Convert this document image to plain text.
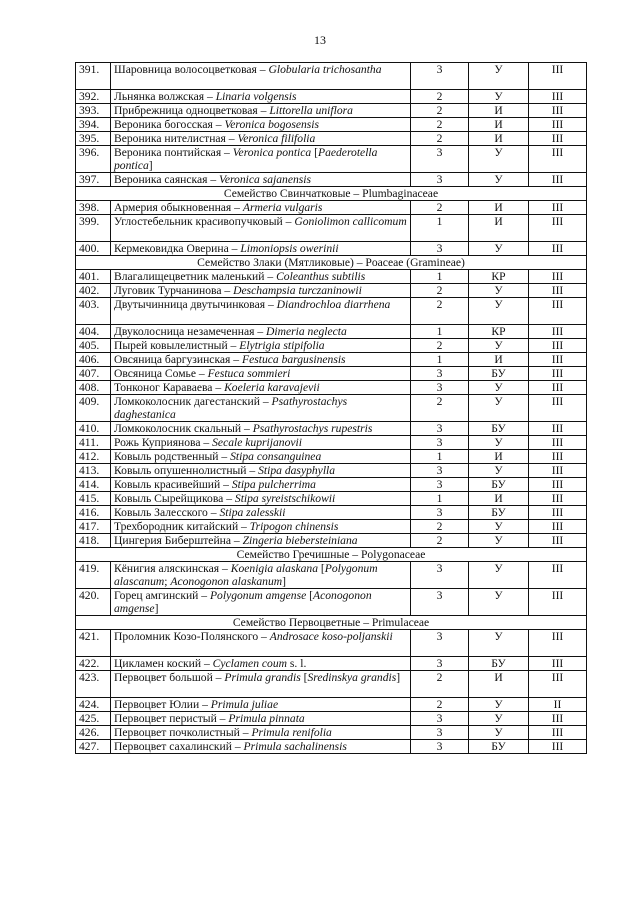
13
391.	Шаровница волосоцветковая – Globularia trichosantha	3	У	III
392.	Льнянка волжская – Linaria volgensis	2	У	III
393.	Прибрежница одноцветковая – Littorella uniflora	2	И	III
394.	Вероника богосская – Veronica bogosensis	2	И	III
395.	Вероника нителистная – Veronica filifolia	2	И	III
396.	Вероника понтийская – Veronica pontica [Paederotella pontica]	3	У	III
397.	Вероника саянская – Veronica sajanensis	3	У	III
Семейство Свинчатковые – Plumbaginaceae				
398.	Армерия обыкновенная – Armeria vulgaris	2	И	III
399.	Углостебельник красивопучковый – Goniolimon callicomum	1	И	III
400.	Кермековидка Оверина – Limoniopsis owerinii	3	У	III
Семейство Злаки (Мятликовые) – Poaceae (Gramineae)				
401.	Влагалищецветник маленький – Coleanthus subtilis	1	КР	III
402.	Луговик Турчанинова – Deschampsia turczaninowii	2	У	III
403.	Двутычинница двутычинковая – Diandrochloa diarrhena	2	У	III
404.	Двуколосница незамеченная – Dimeria neglecta	1	КР	III
405.	Пырей ковылелистный – Elytrigia stipifolia	2	У	III
406.	Овсяница баргузинская – Festuca bargusinensis	1	И	III
407.	Овсяница Сомье – Festuca sommieri	3	БУ	III
408.	Тонконог Караваева – Koeleria karavajevii	3	У	III
409.	Ломкоколосник дагестанский – Psathyrostachys daghestanica	2	У	III
410.	Ломкоколосник скальный – Psathyrostachys rupestris	3	БУ	III
411.	Рожь Куприянова – Secale kuprijanovii	3	У	III
412.	Ковыль родственный – Stipa consanguinea	1	И	III
413.	Ковыль опушеннолистный – Stipa dasyphylla	3	У	III
414.	Ковыль красивейший – Stipa pulcherrima	3	БУ	III
415.	Ковыль Сырейщикова – Stipa syreistschikowii	1	И	III
416.	Ковыль Залесского – Stipa zalesskii	3	БУ	III
417.	Трехбородник китайский – Tripogon chinensis	2	У	III
418.	Цингерия Биберштейна – Zingeria biebersteiniana	2	У	III
Семейство Гречишные – Polygonaceae				
419.	Кёнигия аляскинская – Koenigia alaskana [Polygonum alascanum; Aconogonon alaskanum]	3	У	III
420.	Горец амгинский – Polygonum amgense [Aconogonon amgense]	3	У	III
Семейство Первоцветные – Primulaceae				
421.	Проломник Козо-Полянского – Androsace koso-poljanskii	3	У	III
422.	Цикламен коский – Cyclamen coum s. l.	3	БУ	III
423.	Первоцвет большой – Primula grandis [Sredinskya grandis]	2	И	III
424.	Первоцвет Юлии – Primula juliae	2	У	II
425.	Первоцвет перистый – Primula pinnata	3	У	III
426.	Первоцвет почколистный – Primula renifolia	3	У	III
427.	Первоцвет сахалинский – Primula sachalinensis	3	БУ	III
